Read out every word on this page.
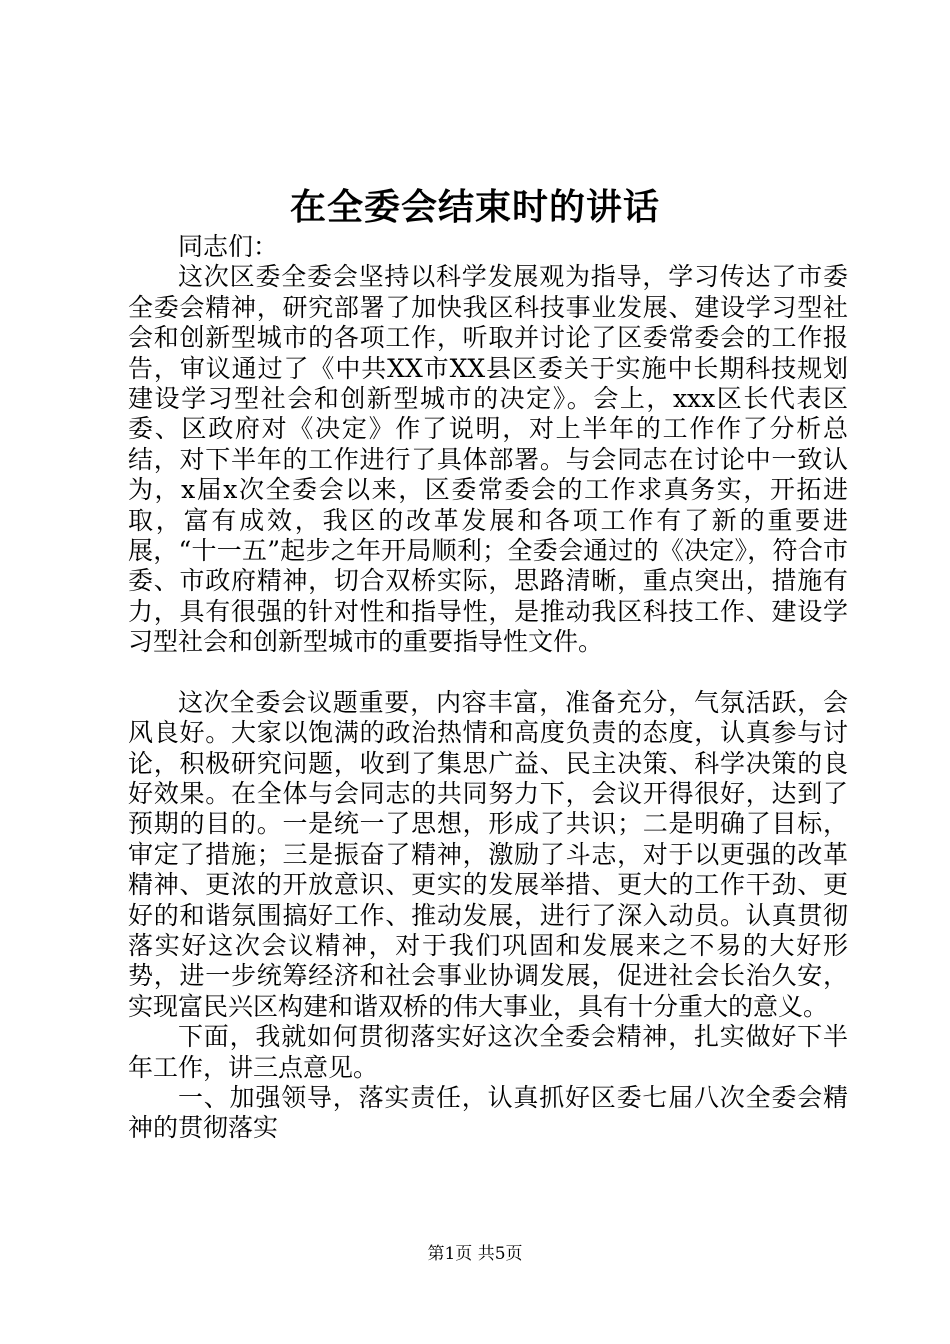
在全委会结束时的讲话

同志们：

这次区委全委会坚持以科学发展观为指导，学习传达了市委全委会精神，研究部署了加快我区科技事业发展、建设学习型社会和创新型城市的各项工作，听取并讨论了区委常委会的工作报告，审议通过了《中共XX市XX县区委关于实施中长期科技规划建设学习型社会和创新型城市的决定》。会上，xxx区长代表区委、区政府对《决定》作了说明，对上半年的工作作了分析总结，对下半年的工作进行了具体部署。与会同志在讨论中一致认为，x届x次全委会以来，区委常委会的工作求真务实，开拓进取，富有成效，我区的改革发展和各项工作有了新的重要进展，“十一五”起步之年开局顺利；全委会通过的《决定》，符合市委、市政府精神，切合双桥实际，思路清晰，重点突出，措施有力，具有很强的针对性和指导性，是推动我区科技工作、建设学习型社会和创新型城市的重要指导性文件。

这次全委会议题重要，内容丰富，准备充分，气氛活跃，会风良好。大家以饱满的政治热情和高度负责的态度，认真参与讨论，积极研究问题，收到了集思广益、民主决策、科学决策的良好效果。在全体与会同志的共同努力下，会议开得很好，达到了预期的目的。一是统一了思想，形成了共识；二是明确了目标，审定了措施；三是振奋了精神，激励了斗志，对于以更强的改革精神、更浓的开放意识、更实的发展举措、更大的工作干劲、更好的和谐氛围搞好工作、推动发展，进行了深入动员。认真贯彻落实好这次会议精神，对于我们巩固和发展来之不易的大好形势，进一步统筹经济和社会事业协调发展，促进社会长治久安，实现富民兴区构建和谐双桥的伟大事业，具有十分重大的意义。

下面，我就如何贯彻落实好这次全委会精神，扎实做好下半年工作，讲三点意见。

一、加强领导，落实责任，认真抓好区委七届八次全委会精神的贯彻落实

第1页 共5页
